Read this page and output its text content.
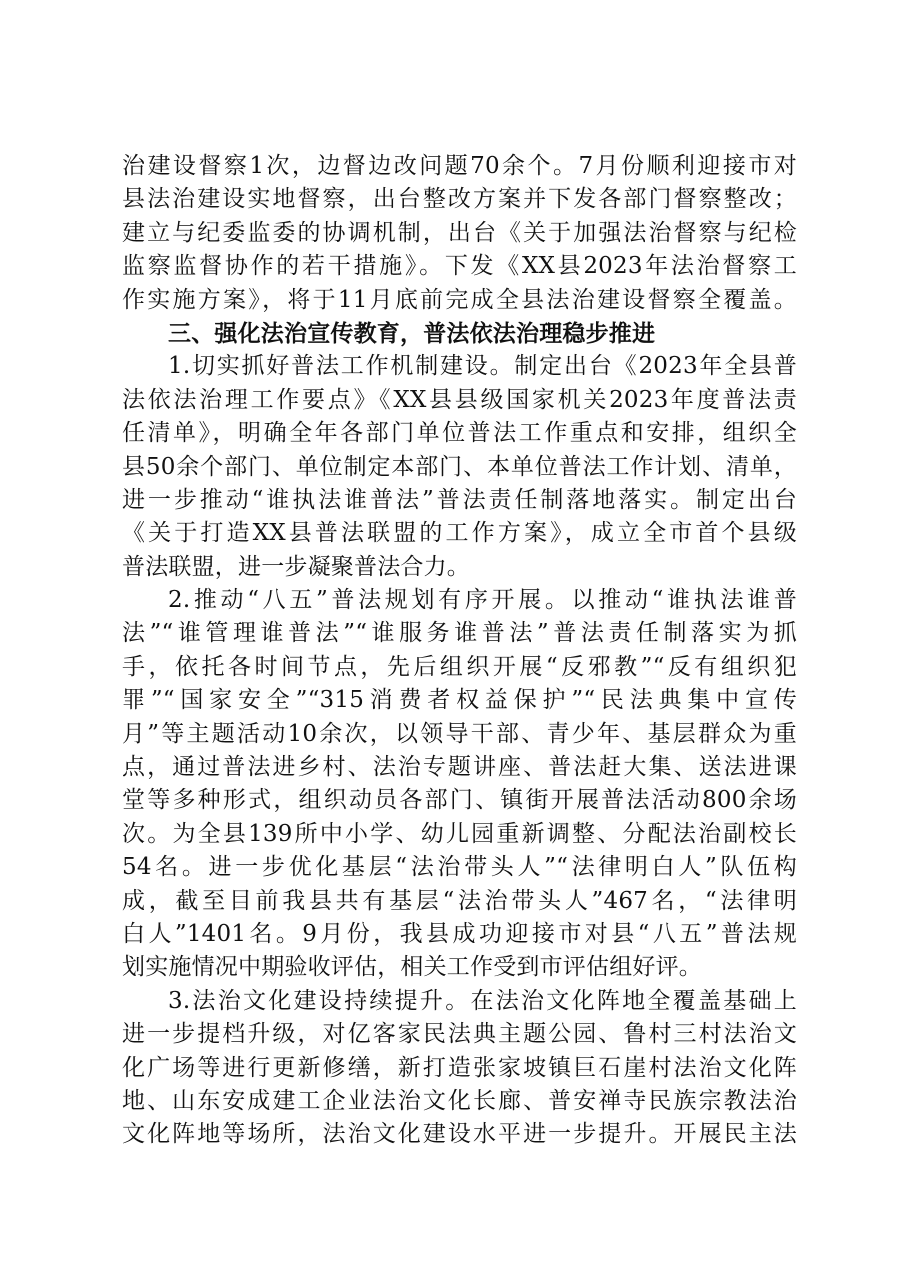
治建设督察1次，边督边改问题70余个。7月份顺利迎接市对
县法治建设实地督察，出台整改方案并下发各部门督察整改；
建立与纪委监委的协调机制，出台《关于加强法治督察与纪检
监察监督协作的若干措施》。下发《XX县2023年法治督察工
作实施方案》，将于11月底前完成全县法治建设督察全覆盖。
三、强化法治宣传教育，普法依法治理稳步推进
1.切实抓好普法工作机制建设。制定出台《2023年全县普
法依法治理工作要点》《XX县县级国家机关2023年度普法责
任清单》，明确全年各部门单位普法工作重点和安排，组织全
县50余个部门、单位制定本部门、本单位普法工作计划、清单，
进一步推动“谁执法谁普法”普法责任制落地落实。制定出台
《关于打造XX县普法联盟的工作方案》，成立全市首个县级
普法联盟，进一步凝聚普法合力。
2.推动“八五”普法规划有序开展。以推动“谁执法谁普
法”“谁管理谁普法”“谁服务谁普法”普法责任制落实为抓
手，依托各时间节点，先后组织开展“反邪教”“反有组织犯
罪”“国家安全”“315消费者权益保护”“民法典集中宣传
月”等主题活动10余次，以领导干部、青少年、基层群众为重
点，通过普法进乡村、法治专题讲座、普法赶大集、送法进课
堂等多种形式，组织动员各部门、镇街开展普法活动800余场
次。为全县139所中小学、幼儿园重新调整、分配法治副校长
54名。进一步优化基层“法治带头人”“法律明白人”队伍构
成，截至目前我县共有基层“法治带头人”467名，“法律明
白人”1401名。9月份，我县成功迎接市对县“八五”普法规
划实施情况中期验收评估，相关工作受到市评估组好评。
3.法治文化建设持续提升。在法治文化阵地全覆盖基础上
进一步提档升级，对亿客家民法典主题公园、鲁村三村法治文
化广场等进行更新修缮，新打造张家坡镇巨石崖村法治文化阵
地、山东安成建工企业法治文化长廊、普安禅寺民族宗教法治
文化阵地等场所，法治文化建设水平进一步提升。开展民主法
